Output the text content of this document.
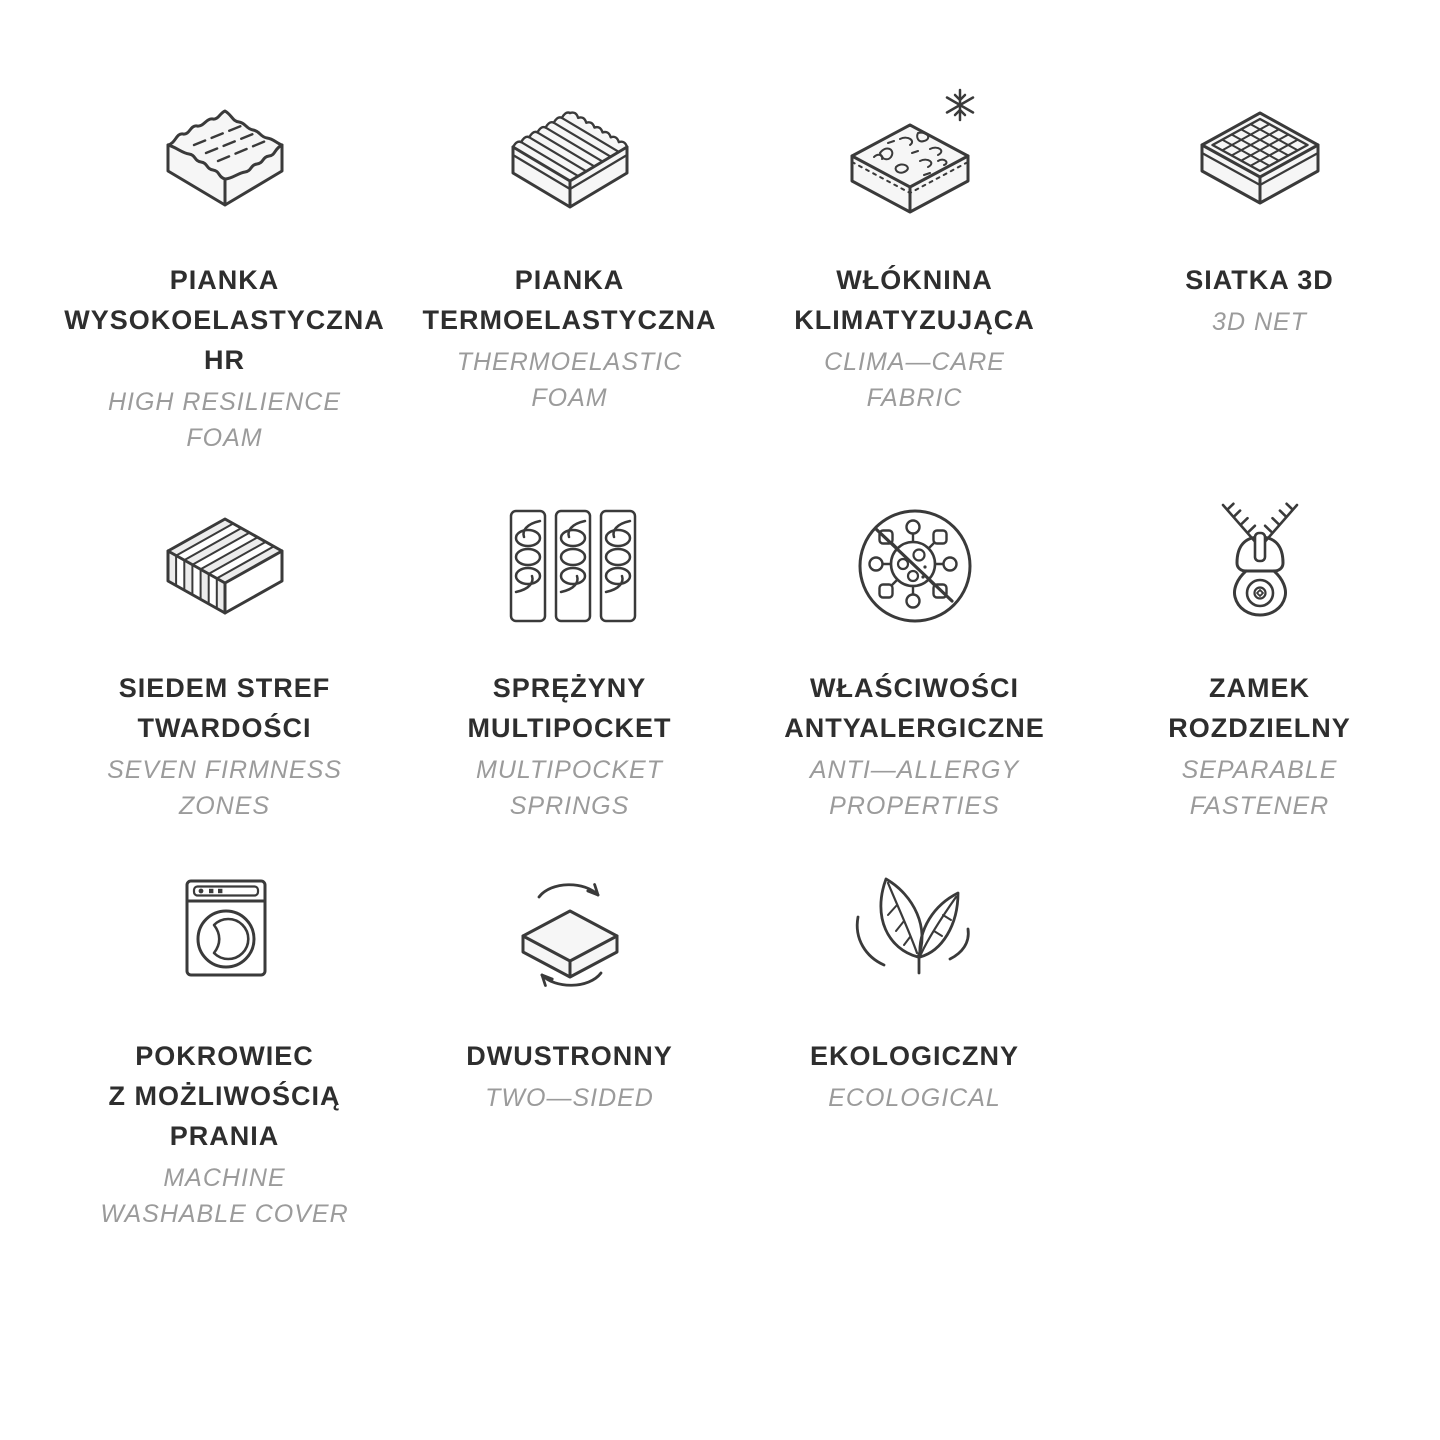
PIANKA
WYSOKOELASTYCZNA
HR
HIGH RESILIENCE
FOAM
PIANKA
TERMOELASTYCZNA
THERMOELASTIC
FOAM
WŁÓKNINA
KLIMATYZUJĄCA
CLIMA—CARE
FABRIC
SIATKA 3D
3D NET
SIEDEM STREF
TWARDOŚCI
SEVEN FIRMNESS
ZONES
SPRĘŻYNY
MULTIPOCKET
MULTIPOCKET
SPRINGS
WŁAŚCIWOŚCI
ANTYALERGICZNE
ANTI—ALLERGY
PROPERTIES
ZAMEK
ROZDZIELNY
SEPARABLE
FASTENER
POKROWIEC
Z MOŻLIWOŚCIĄ
PRANIA
MACHINE
WASHABLE COVER
DWUSTRONNY
TWO—SIDED
EKOLOGICZNY
ECOLOGICAL
